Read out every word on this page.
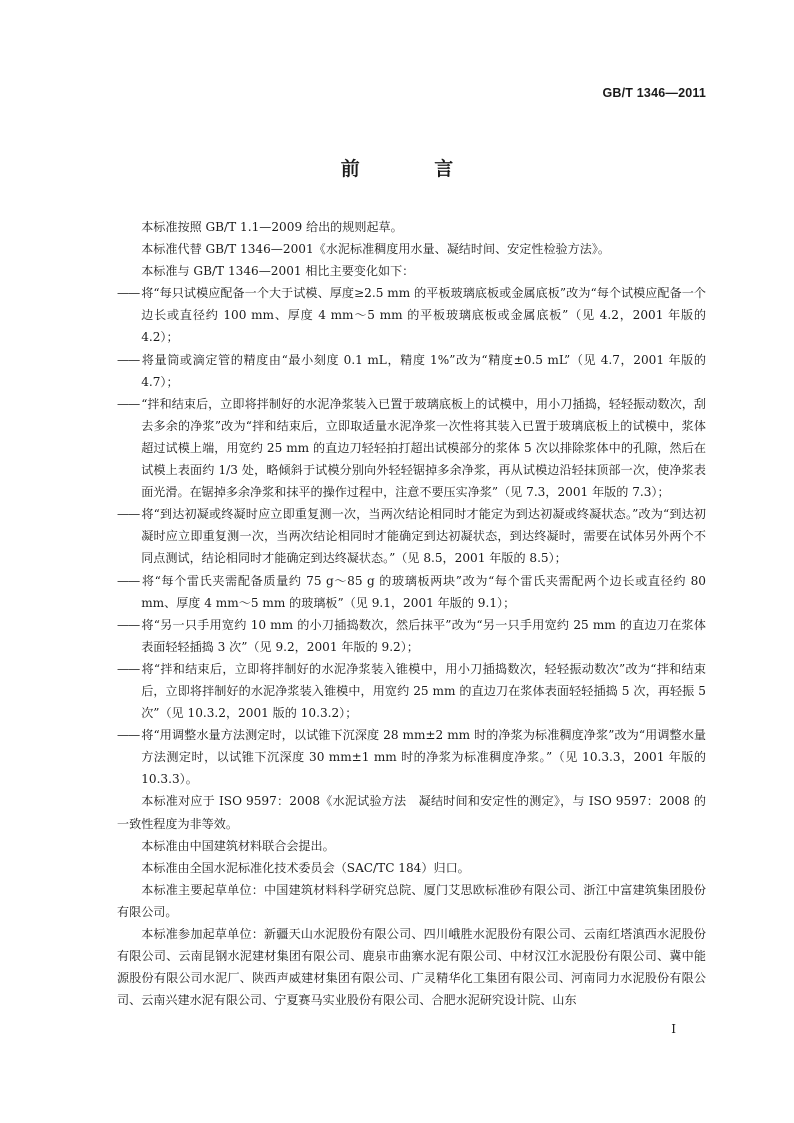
GB/T 1346—2011
前 言

本标准按照 GB/T 1.1—2009 给出的规则起草。

本标准代替 GB/T 1346—2001《水泥标准稠度用水量、凝结时间、安定性检验方法》。

本标准与 GB/T 1346—2001 相比主要变化如下：

—— 将“每只试模应配备一个大于试模、厚度≥2.5 mm 的平板玻璃底板或金属底板”改为“每个试模应配备一个边长或直径约 100 mm、厚度 4 mm～5 mm 的平板玻璃底板或金属底板”（见 4.2，2001 年版的 4.2）；

—— 将量筒或滴定管的精度由“最小刻度 0.1 mL，精度 1%”改为“精度±0.5 mL”（见 4.7，2001 年版的 4.7）；

—— “拌和结束后，立即将拌制好的水泥净浆装入已置于玻璃底板上的试模中，用小刀插捣，轻轻振动数次，刮去多余的净浆”改为“拌和结束后，立即取适量水泥净浆一次性将其装入已置于玻璃底板上的试模中，浆体超过试模上端，用宽约 25 mm 的直边刀轻轻拍打超出试模部分的浆体 5 次以排除浆体中的孔隙，然后在试模上表面约 1/3 处，略倾斜于试模分别向外轻轻锯掉多余净浆，再从试模边沿轻抹顶部一次，使净浆表面光滑。在锯掉多余净浆和抹平的操作过程中，注意不要压实净浆”（见 7.3，2001 年版的 7.3）；

—— 将“到达初凝或终凝时应立即重复测一次，当两次结论相同时才能定为到达初凝或终凝状态。”改为“到达初凝时应立即重复测一次，当两次结论相同时才能确定到达初凝状态，到达终凝时，需要在试体另外两个不同点测试，结论相同时才能确定到达终凝状态。”（见 8.5，2001 年版的 8.5）；

—— 将“每个雷氏夹需配备质量约 75 g～85 g 的玻璃板两块”改为“每个雷氏夹需配两个边长或直径约 80 mm、厚度 4 mm～5 mm 的玻璃板”（见 9.1，2001 年版的 9.1）；

—— 将“另一只手用宽约 10 mm 的小刀插捣数次，然后抹平”改为“另一只手用宽约 25 mm 的直边刀在浆体表面轻轻插捣 3 次”（见 9.2，2001 年版的 9.2）；

—— 将“拌和结束后，立即将拌制好的水泥净浆装入锥模中，用小刀插捣数次，轻轻振动数次”改为“拌和结束后，立即将拌制好的水泥净浆装入锥模中，用宽约 25 mm 的直边刀在浆体表面轻轻插捣 5 次，再轻振 5 次”（见 10.3.2，2001 版的 10.3.2）；

—— 将“用调整水量方法测定时，以试锥下沉深度 28 mm±2 mm 时的净浆为标准稠度净浆”改为“用调整水量方法测定时，以试锥下沉深度 30 mm±1 mm 时的净浆为标准稠度净浆。”（见 10.3.3，2001 年版的 10.3.3）。

本标准对应于 ISO 9597：2008《水泥试验方法　凝结时间和安定性的测定》，与 ISO 9597：2008 的一致性程度为非等效。

本标准由中国建筑材料联合会提出。

本标准由全国水泥标准化技术委员会（SAC/TC 184）归口。

本标准主要起草单位：中国建筑材料科学研究总院、厦门艾思欧标准砂有限公司、浙江中富建筑集团股份有限公司。

本标准参加起草单位：新疆天山水泥股份有限公司、四川峨胜水泥股份有限公司、云南红塔滇西水泥股份有限公司、云南昆钢水泥建材集团有限公司、鹿泉市曲寨水泥有限公司、中材汉江水泥股份有限公司、冀中能源股份有限公司水泥厂、陕西声威建材集团有限公司、广灵精华化工集团有限公司、河南同力水泥股份有限公司、云南兴建水泥有限公司、宁夏赛马实业股份有限公司、合肥水泥研究设计院、山东

I
